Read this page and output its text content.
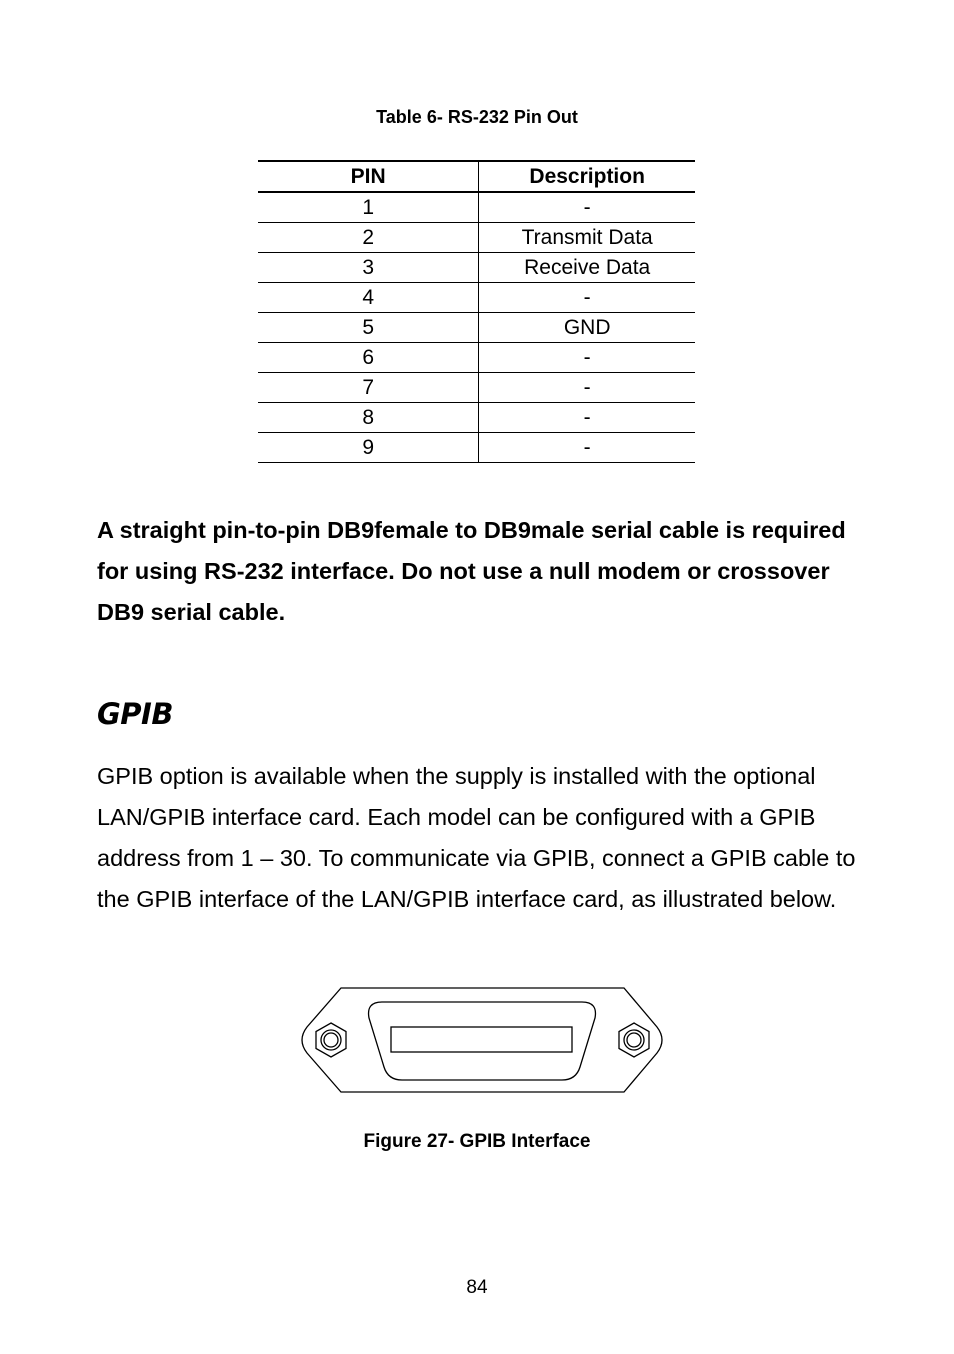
Table 6- RS-232 Pin Out
PIN	Description
1	-
2	Transmit Data
3	Receive Data
4	-
5	GND
6	-
7	-
8	-
9	-

A straight pin-to-pin DB9female to DB9male serial cable is required for using RS-232 interface. Do not use a null modem or crossover DB9 serial cable.

GPIB

GPIB option is available when the supply is installed with the optional LAN/GPIB interface card. Each model can be configured with a GPIB address from 1 – 30. To communicate via GPIB, connect a GPIB cable to the GPIB interface of the LAN/GPIB interface card, as illustrated below.

Figure 27- GPIB Interface
84
